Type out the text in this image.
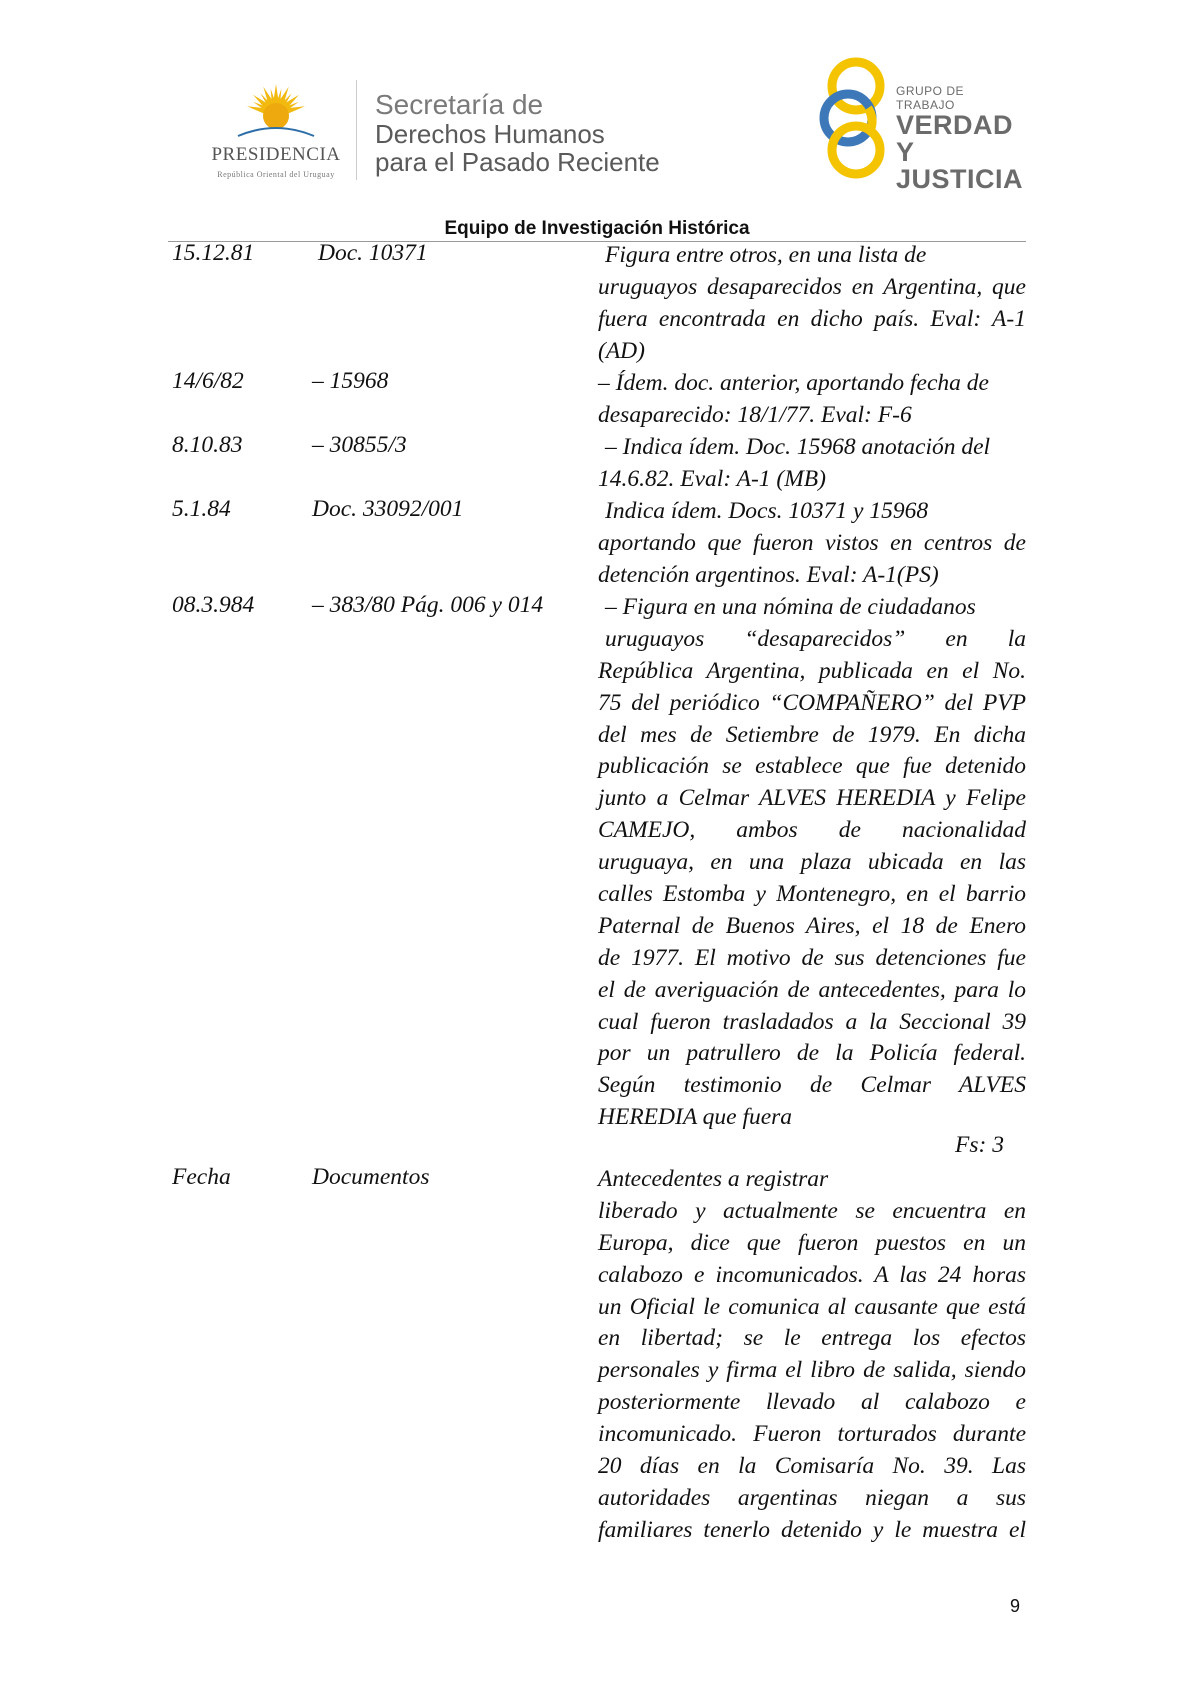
PRESIDENCIA
República Oriental del Uruguay
Secretaría de
Derechos Humanos
para el Pasado Reciente
GRUPO DE TRABAJO
VERDAD Y
JUSTICIA
Equipo de Investigación Histórica
15.12.81	Doc. 10371	Figura entre otros, en una lista de
uruguayos desaparecidos en Argentina, que
fuera encontrada en dicho país. Eval: A-1
(AD)
14/6/82	– 15968	– Ídem. doc. anterior, aportando fecha de
desaparecido: 18/1/77. Eval: F-6
8.10.83	– 30855/3	– Indica ídem. Doc. 15968 anotación del
14.6.82. Eval: A-1 (MB)
5.1.84	Doc. 33092/001	Indica ídem. Docs. 10371 y 15968
aportando que fueron vistos en centros de
detención argentinos. Eval: A-1(PS)
08.3.984 – 383/80 Pág. 006 y 014	– Figura en una nómina de ciudadanos
uruguayos “desaparecidos” en la
República Argentina, publicada en el No.
75 del periódico “COMPAÑERO” del PVP
del mes de Setiembre de 1979. En dicha
publicación se establece que fue detenido
junto a Celmar ALVES HEREDIA y Felipe
CAMEJO, ambos de nacionalidad
uruguaya, en una plaza ubicada en las
calles Estomba y Montenegro, en el barrio
Paternal de Buenos Aires, el 18 de Enero
de 1977. El motivo de sus detenciones fue
el de averiguación de antecedentes, para lo
cual fueron trasladados a la Seccional 39
por un patrullero de la Policía federal.
Según testimonio de Celmar ALVES
HEREDIA que fuera
Fs: 3
Fecha	Documentos	Antecedentes a registrar
liberado y actualmente se encuentra en
Europa, dice que fueron puestos en un
calabozo e incomunicados. A las 24 horas
un Oficial le comunica al causante que está
en libertad; se le entrega los efectos
personales y firma el libro de salida, siendo
posteriormente llevado al calabozo e
incomunicado. Fueron torturados durante
20 días en la Comisaría No. 39. Las
autoridades argentinas niegan a sus
familiares tenerlo detenido y le muestra el
9
